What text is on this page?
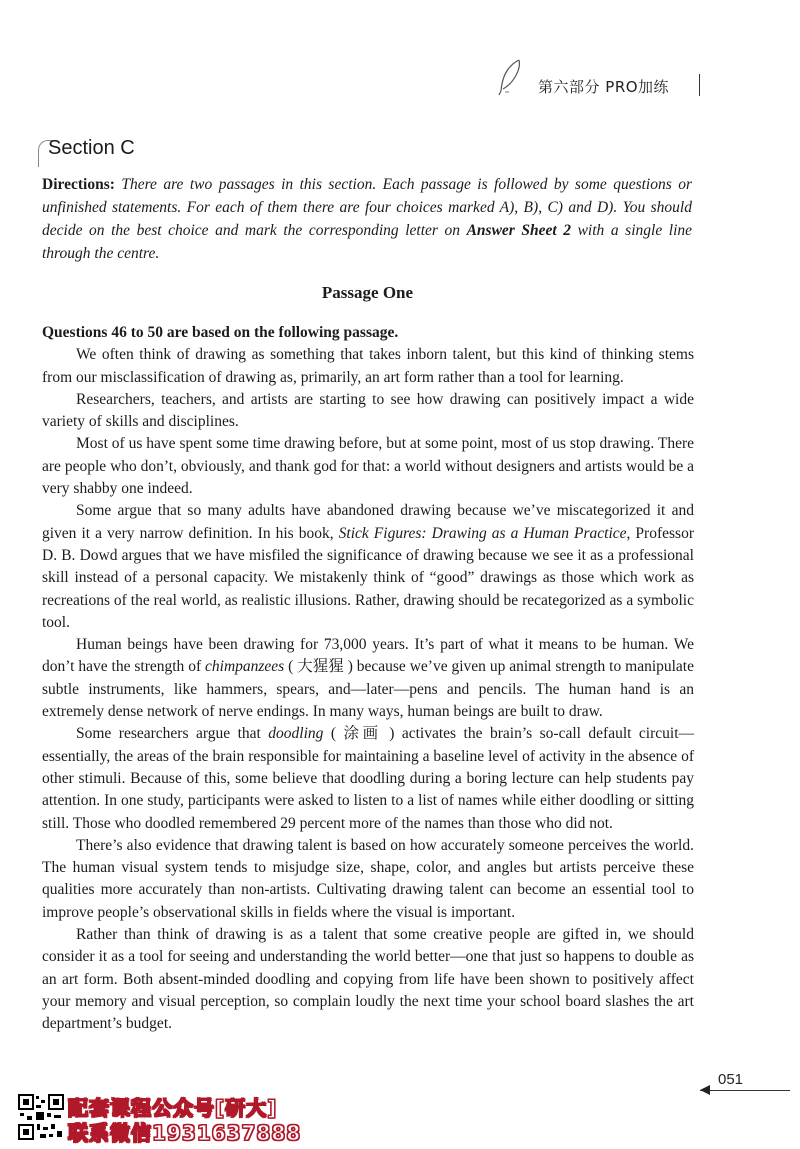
第六部分 PRO加练
Section C
Directions: There are two passages in this section. Each passage is followed by some questions or unfinished statements. For each of them there are four choices marked A), B), C) and D). You should decide on the best choice and mark the corresponding letter on Answer Sheet 2 with a single line through the centre.
Passage One

Questions 46 to 50 are based on the following passage.

We often think of drawing as something that takes inborn talent, but this kind of thinking stems from our misclassification of drawing as, primarily, an art form rather than a tool for learning.

Researchers, teachers, and artists are starting to see how drawing can positively impact a wide variety of skills and disciplines.

Most of us have spent some time drawing before, but at some point, most of us stop drawing. There are people who don’t, obviously, and thank god for that: a world without designers and artists would be a very shabby one indeed.

Some argue that so many adults have abandoned drawing because we’ve miscategorized it and given it a very narrow definition. In his book, Stick Figures: Drawing as a Human Practice, Professor D. B. Dowd argues that we have misfiled the significance of drawing because we see it as a professional skill instead of a personal capacity. We mistakenly think of “good” drawings as those which work as recreations of the real world, as realistic illusions. Rather, drawing should be recategorized as a symbolic tool.

Human beings have been drawing for 73,000 years. It’s part of what it means to be human. We don’t have the strength of chimpanzees ( 大猩猩 ) because we’ve given up animal strength to manipulate subtle instruments, like hammers, spears, and—later—pens and pencils. The human hand is an extremely dense network of nerve endings. In many ways, human beings are built to draw.

Some researchers argue that doodling ( 涂画 ) activates the brain’s so-call default circuit—essentially, the areas of the brain responsible for maintaining a baseline level of activity in the absence of other stimuli. Because of this, some believe that doodling during a boring lecture can help students pay attention. In one study, participants were asked to listen to a list of names while either doodling or sitting still. Those who doodled remembered 29 percent more of the names than those who did not.

There’s also evidence that drawing talent is based on how accurately someone perceives the world. The human visual system tends to misjudge size, shape, color, and angles but artists perceive these qualities more accurately than non-artists. Cultivating drawing talent can become an essential tool to improve people’s observational skills in fields where the visual is important.

Rather than think of drawing is as a talent that some creative people are gifted in, we should consider it as a tool for seeing and understanding the world better—one that just so happens to double as an art form. Both absent-minded doodling and copying from life have been shown to positively affect your memory and visual perception, so complain loudly the next time your school board slashes the art department’s budget.

051
配套课程公众号[研大]
联系微信1931637888
